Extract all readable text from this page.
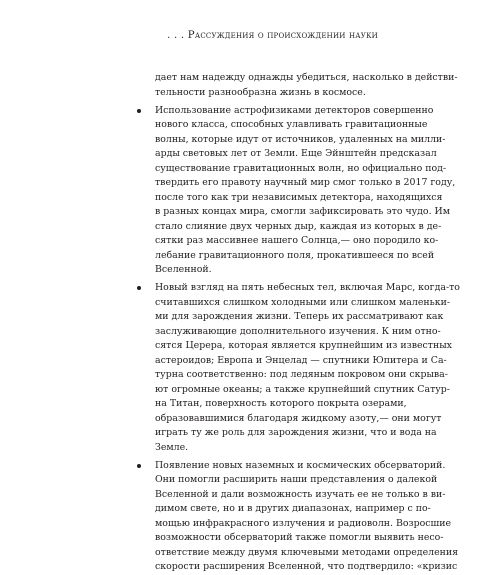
. . . Рассуждения о происхождении науки
дает нам надежду однажды убедиться, насколько в действи-
тельности разнообразна жизнь в космосе.
Использование астрофизиками детекторов совершенно
нового класса, способных улавливать гравитационные
волны, которые идут от источников, удаленных на милли-
арды световых лет от Земли. Еще Эйнштейн предсказал
существование гравитационных волн, но официально под-
твердить его правоту научный мир смог только в 2017 году,
после того как три независимых детектора, находящихся
в разных концах мира, смогли зафиксировать это чудо. Им
стало слияние двух черных дыр, каждая из которых в де-
сятки раз массивнее нашего Солнца,— оно породило ко-
лебание гравитационного поля, прокатившееся по всей
Вселенной.
Новый взгляд на пять небесных тел, включая Марс, когда-то
считавшихся слишком холодными или слишком маленьки-
ми для зарождения жизни. Теперь их рассматривают как
заслуживающие дополнительного изучения. К ним отно-
сятся Церера, которая является крупнейшим из известных
астероидов; Европа и Энцелад — спутники Юпитера и Са-
турна соответственно: под ледяным покровом они скрыва-
ют огромные океаны; а также крупнейший спутник Сатур-
на Титан, поверхность которого покрыта озерами,
образовавшимися благодаря жидкому азоту,— они могут
играть ту же роль для зарождения жизни, что и вода на
Земле.
Появление новых наземных и космических обсерваторий.
Они помогли расширить наши представления о далекой
Вселенной и дали возможность изучать ее не только в ви-
димом свете, но и в других диапазонах, например с по-
мощью инфракрасного излучения и радиоволн. Возросшие
возможности обсерваторий также помогли выявить несо-
ответствие между двумя ключевыми методами определения
скорости расширения Вселенной, что подтвердило: «кризис
